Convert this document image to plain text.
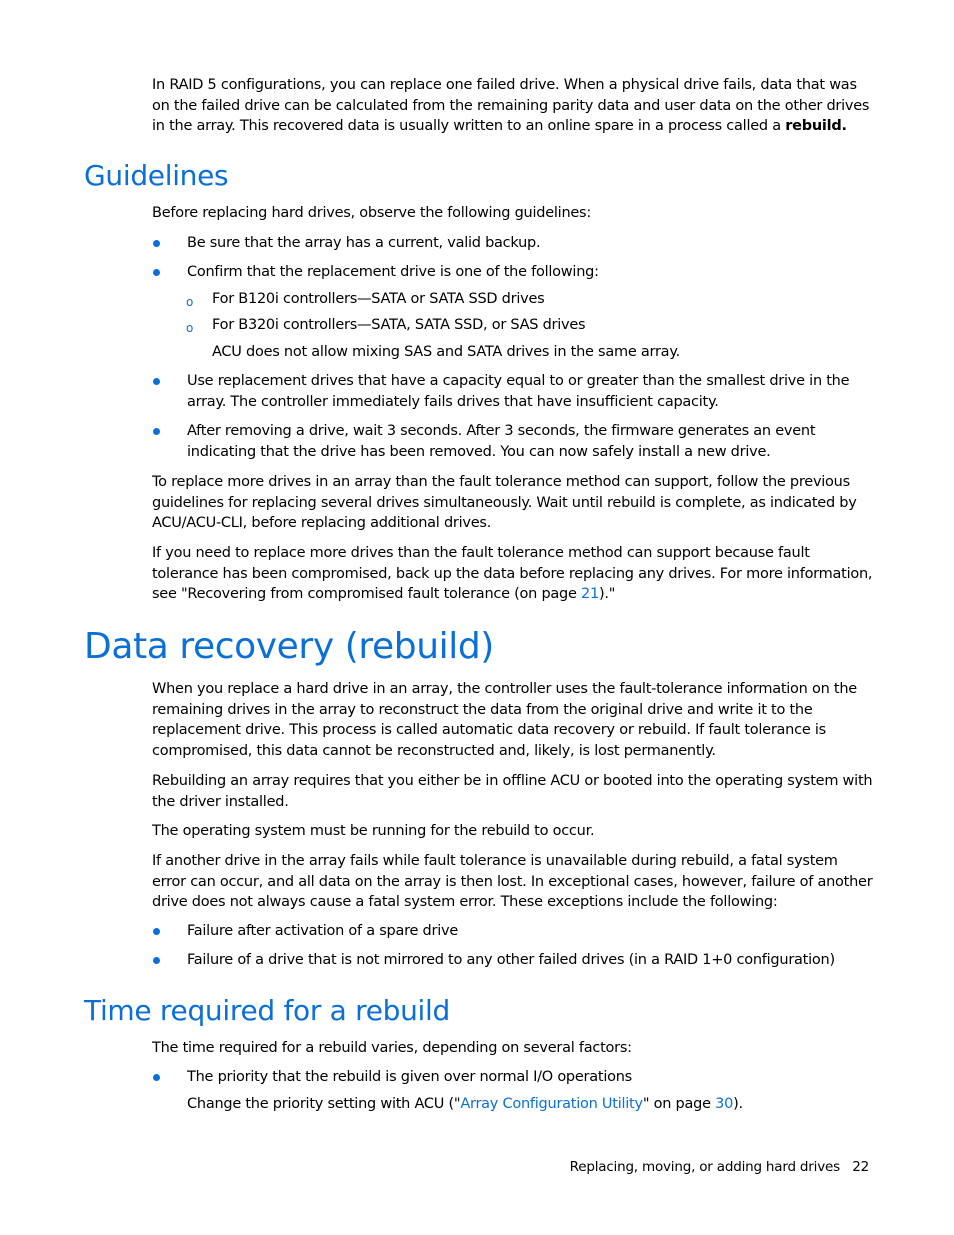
In RAID 5 configurations, you can replace one failed drive. When a physical drive fails, data that was on the failed drive can be calculated from the remaining parity data and user data on the other drives in the array. This recovered data is usually written to an online spare in a process called a rebuild.

Guidelines

Before replacing hard drives, observe the following guidelines:

Be sure that the array has a current, valid backup.
Confirm that the replacement drive is one of the following:
o For B120i controllers—SATA or SATA SSD drives
o For B320i controllers—SATA, SATA SSD, or SAS drives

ACU does not allow mixing SAS and SATA drives in the same array.

Use replacement drives that have a capacity equal to or greater than the smallest drive in the array. The controller immediately fails drives that have insufficient capacity.
After removing a drive, wait 3 seconds. After 3 seconds, the firmware generates an event indicating that the drive has been removed. You can now safely install a new drive.

To replace more drives in an array than the fault tolerance method can support, follow the previous guidelines for replacing several drives simultaneously. Wait until rebuild is complete, as indicated by ACU/ACU-CLI, before replacing additional drives.

If you need to replace more drives than the fault tolerance method can support because fault tolerance has been compromised, back up the data before replacing any drives. For more information, see "Recovering from compromised fault tolerance (on page 21)."

Data recovery (rebuild)

When you replace a hard drive in an array, the controller uses the fault-tolerance information on the remaining drives in the array to reconstruct the data from the original drive and write it to the replacement drive. This process is called automatic data recovery or rebuild. If fault tolerance is compromised, this data cannot be reconstructed and, likely, is lost permanently.

Rebuilding an array requires that you either be in offline ACU or booted into the operating system with the driver installed.

The operating system must be running for the rebuild to occur.

If another drive in the array fails while fault tolerance is unavailable during rebuild, a fatal system error can occur, and all data on the array is then lost. In exceptional cases, however, failure of another drive does not always cause a fatal system error. These exceptions include the following:

Failure after activation of a spare drive
Failure of a drive that is not mirrored to any other failed drives (in a RAID 1+0 configuration)
Time required for a rebuild

The time required for a rebuild varies, depending on several factors:

The priority that the rebuild is given over normal I/O operations

Change the priority setting with ACU ("Array Configuration Utility" on page 30).

Replacing, moving, or adding hard drives 22
